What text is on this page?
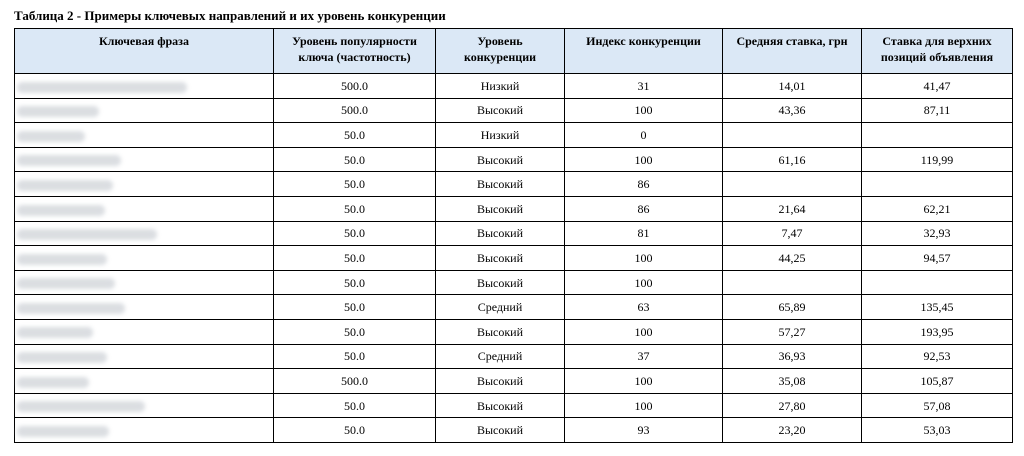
Таблица 2 - Примеры ключевых направлений и их уровень конкуренции
Ключевая фраза	Уровень популярности ключа (частотность)	Уровень конкуренции	Индекс конкуренции	Средняя ставка, грн	Ставка для верхних позиций объявления
	500.0	Низкий	31	14,01	41,47
	500.0	Высокий	100	43,36	87,11
	50.0	Низкий	0		
	50.0	Высокий	100	61,16	119,99
	50.0	Высокий	86		
	50.0	Высокий	86	21,64	62,21
	50.0	Высокий	81	7,47	32,93
	50.0	Высокий	100	44,25	94,57
	50.0	Высокий	100		
	50.0	Средний	63	65,89	135,45
	50.0	Высокий	100	57,27	193,95
	50.0	Средний	37	36,93	92,53
	500.0	Высокий	100	35,08	105,87
	50.0	Высокий	100	27,80	57,08
	50.0	Высокий	93	23,20	53,03
